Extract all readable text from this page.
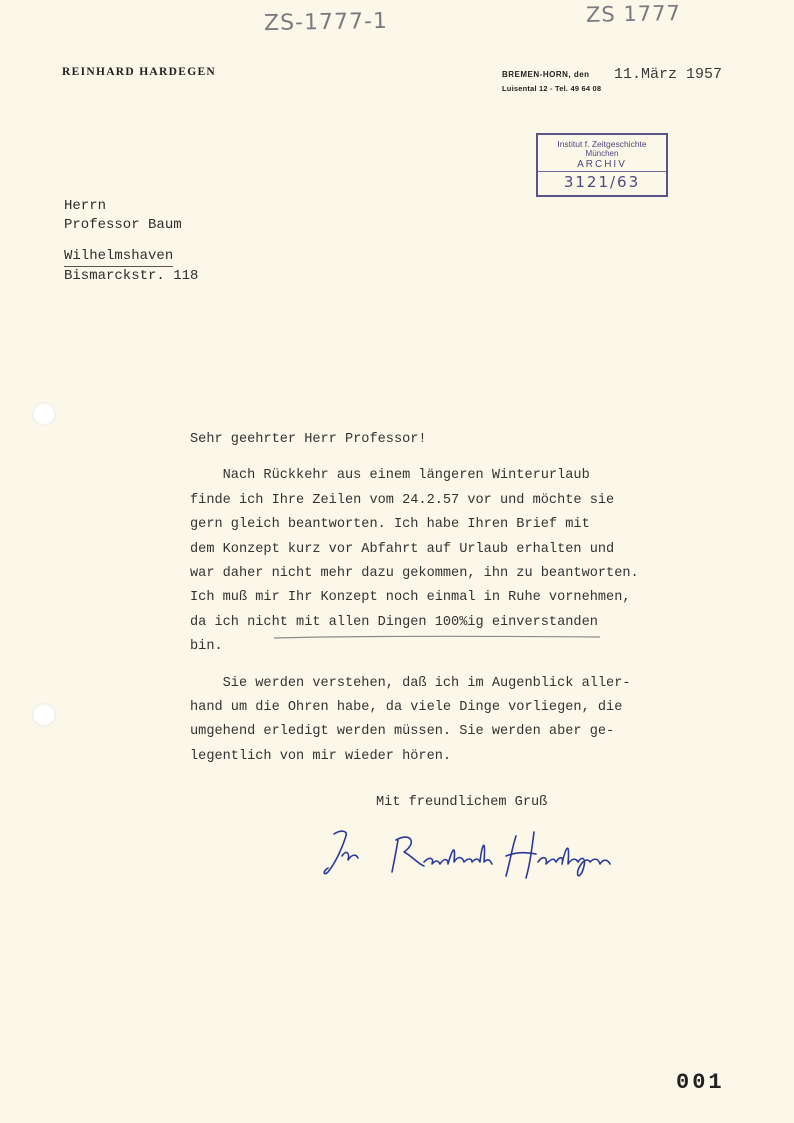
ZS-1777-1	ZS 1777
REINHARD HARDEGEN	BREMEN-HORN, den
Luisental 12 - Tel. 49 64 08
11.März 1957
Institut f. Zeitgeschichte
München
ARCHIV
3121/63
Herrn
Professor Baum
Wilhelmshaven
Bismarckstr. 118

Sehr geehrter Herr Professor!

Nach Rückkehr aus einem längeren Winterurlaub

finde ich Ihre Zeilen vom 24.2.57 vor und möchte sie

gern gleich beantworten. Ich habe Ihren Brief mit

dem Konzept kurz vor Abfahrt auf Urlaub erhalten und

war daher nicht mehr dazu gekommen, ihn zu beantworten.

Ich muß mir Ihr Konzept noch einmal in Ruhe vornehmen,

da ich nicht mit allen Dingen 100%ig einverstanden

bin.

Sie werden verstehen, daß ich im Augenblick aller-

hand um die Ohren habe, da viele Dinge vorliegen, die

umgehend erledigt werden müssen. Sie werden aber ge-

legentlich von mir wieder hören.

Mit freundlichem Gruß
001
